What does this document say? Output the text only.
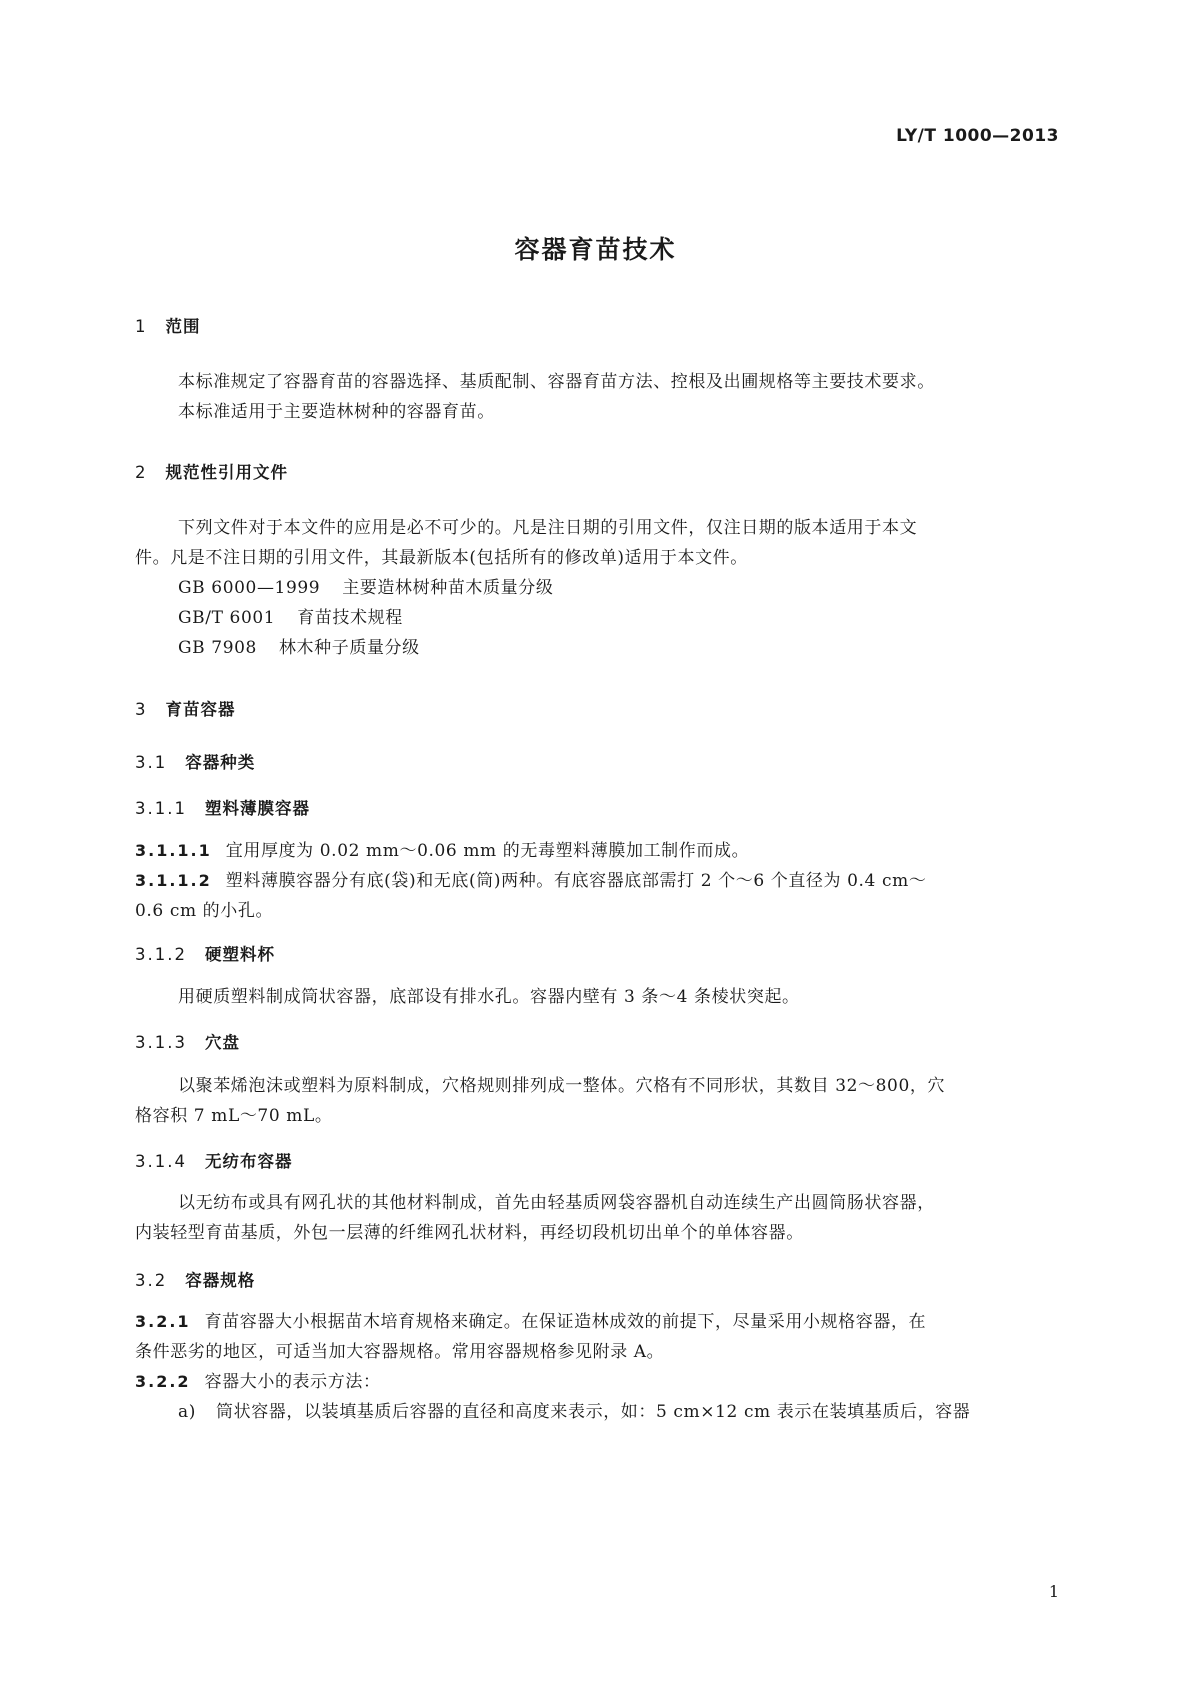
LY/T 1000—2013
容器育苗技术
1 范围
本标准规定了容器育苗的容器选择、基质配制、容器育苗方法、控根及出圃规格等主要技术要求。
本标准适用于主要造林树种的容器育苗。
2 规范性引用文件
下列文件对于本文件的应用是必不可少的。凡是注日期的引用文件，仅注日期的版本适用于本文
件。凡是不注日期的引用文件，其最新版本(包括所有的修改单)适用于本文件。
GB 6000—1999 主要造林树种苗木质量分级
GB/T 6001 育苗技术规程
GB 7908 林木种子质量分级
3 育苗容器
3.1 容器种类
3.1.1 塑料薄膜容器
3.1.1.1 宜用厚度为 0.02 mm～0.06 mm 的无毒塑料薄膜加工制作而成。
3.1.1.2 塑料薄膜容器分有底(袋)和无底(筒)两种。有底容器底部需打 2 个～6 个直径为 0.4 cm～
0.6 cm 的小孔。
3.1.2 硬塑料杯
用硬质塑料制成筒状容器，底部设有排水孔。容器内壁有 3 条～4 条棱状突起。
3.1.3 穴盘
以聚苯烯泡沫或塑料为原料制成，穴格规则排列成一整体。穴格有不同形状，其数目 32～800，穴
格容积 7 mL～70 mL。
3.1.4 无纺布容器
以无纺布或具有网孔状的其他材料制成，首先由轻基质网袋容器机自动连续生产出圆筒肠状容器，
内装轻型育苗基质，外包一层薄的纤维网孔状材料，再经切段机切出单个的单体容器。
3.2 容器规格
3.2.1 育苗容器大小根据苗木培育规格来确定。在保证造林成效的前提下，尽量采用小规格容器，在
条件恶劣的地区，可适当加大容器规格。常用容器规格参见附录 A。
3.2.2 容器大小的表示方法：
a) 筒状容器，以装填基质后容器的直径和高度来表示，如：5 cm×12 cm 表示在装填基质后，容器
1
